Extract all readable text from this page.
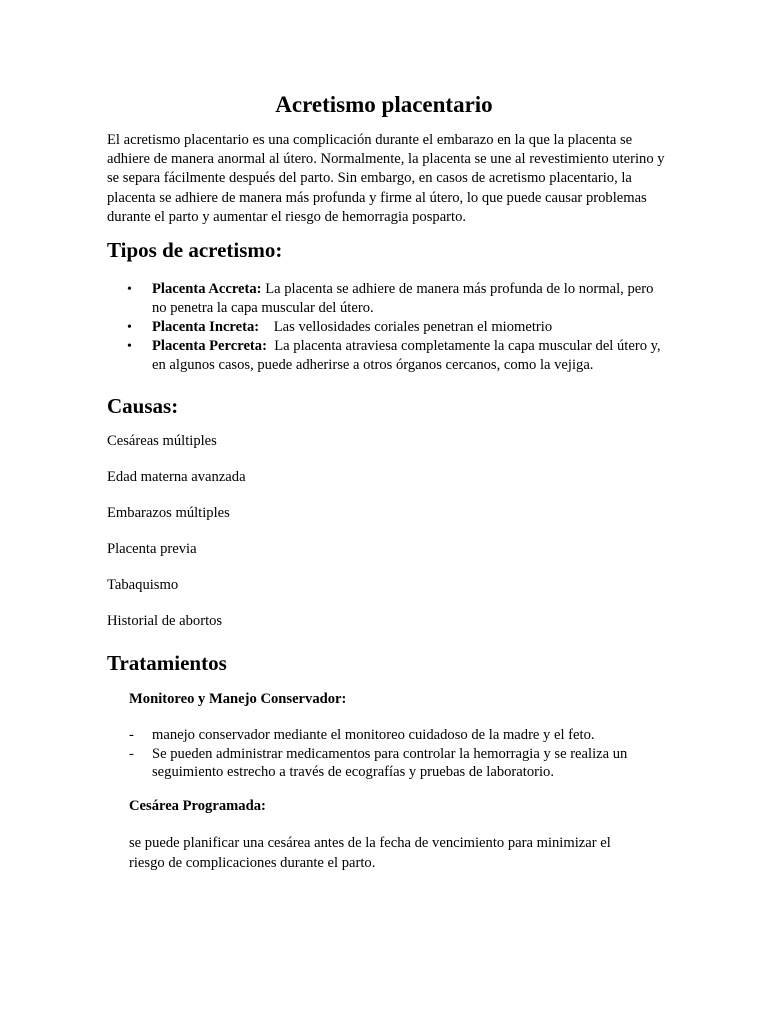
Acretismo placentario

El acretismo placentario es una complicación durante el embarazo en la que la placenta se adhiere de manera anormal al útero. Normalmente, la placenta se une al revestimiento uterino y se separa fácilmente después del parto. Sin embargo, en casos de acretismo placentario, la placenta se adhiere de manera más profunda y firme al útero, lo que puede causar problemas durante el parto y aumentar el riesgo de hemorragia posparto.

Tipos de acretismo:
• Placenta Accreta: La placenta se adhiere de manera más profunda de lo normal, pero no penetra la capa muscular del útero.
• Placenta Increta:    Las vellosidades coriales penetran el miometrio
• Placenta Percreta:  La placenta atraviesa completamente la capa muscular del útero y, en algunos casos, puede adherirse a otros órganos cercanos, como la vejiga.
Causas:

Cesáreas múltiples

Edad materna avanzada

Embarazos múltiples

Placenta previa

Tabaquismo

Historial de abortos

Tratamientos

Monitoreo y Manejo Conservador:

- manejo conservador mediante el monitoreo cuidadoso de la madre y el feto.
- Se pueden administrar medicamentos para controlar la hemorragia y se realiza un seguimiento estrecho a través de ecografías y pruebas de laboratorio.

Cesárea Programada:

se puede planificar una cesárea antes de la fecha de vencimiento para minimizar el riesgo de complicaciones durante el parto.
